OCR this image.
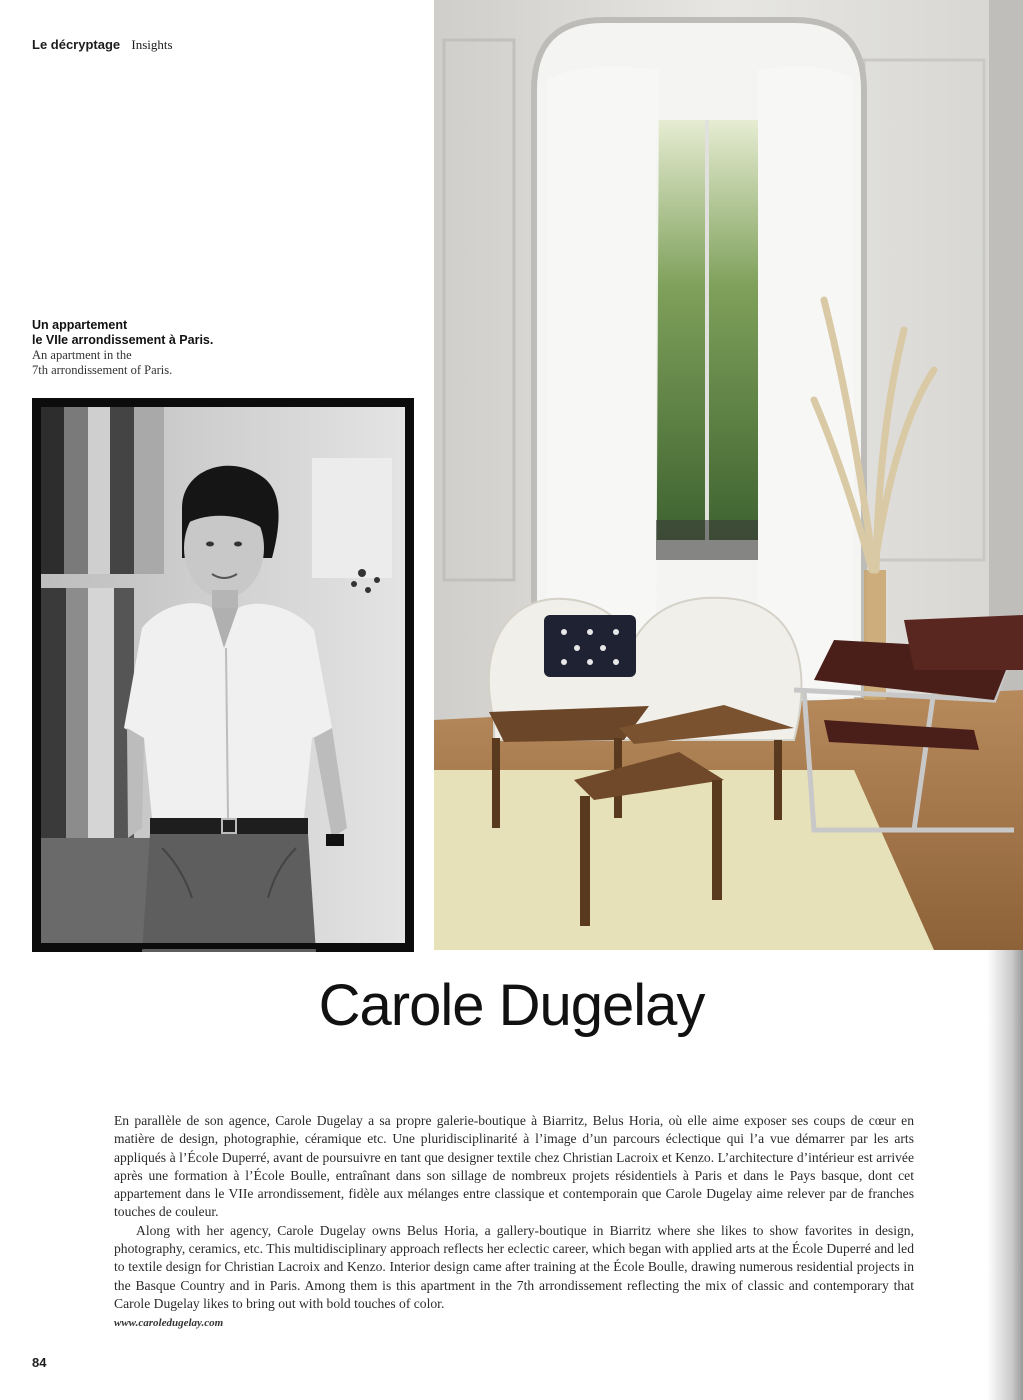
Le décryptage Insights
Un appartement
le VIIe arrondissement à Paris.
An apartment in the
7th arrondissement of Paris.
Carole Dugelay

En parallèle de son agence, Carole Dugelay a sa propre galerie-boutique à Biarritz, Belus Horia, où elle aime exposer ses coups de cœur en matière de design, photographie, céramique etc. Une pluridisciplinarité à l’image d’un parcours éclectique qui l’a vue démarrer par les arts appliqués à l’École Duperré, avant de poursuivre en tant que designer textile chez Christian Lacroix et Kenzo. L’architecture d’intérieur est arrivée après une formation à l’École Boulle, entraînant dans son sillage de nombreux projets résidentiels à Paris et dans le Pays basque, dont cet appartement dans le VIIe arrondissement, fidèle aux mélanges entre classique et contemporain que Carole Dugelay aime relever par de franches touches de couleur.

Along with her agency, Carole Dugelay owns Belus Horia, a gallery-boutique in Biarritz where she likes to show favorites in design, photography, ceramics, etc. This multidisciplinary approach reflects her eclectic career, which began with applied arts at the École Duperré and led to textile design for Christian Lacroix and Kenzo. Interior design came after training at the École Boulle, drawing numerous residential projects in the Basque Country and in Paris. Among them is this apartment in the 7th arrondissement reflecting the mix of classic and contemporary that Carole Dugelay likes to bring out with bold touches of color.

www.caroledugelay.com
84
